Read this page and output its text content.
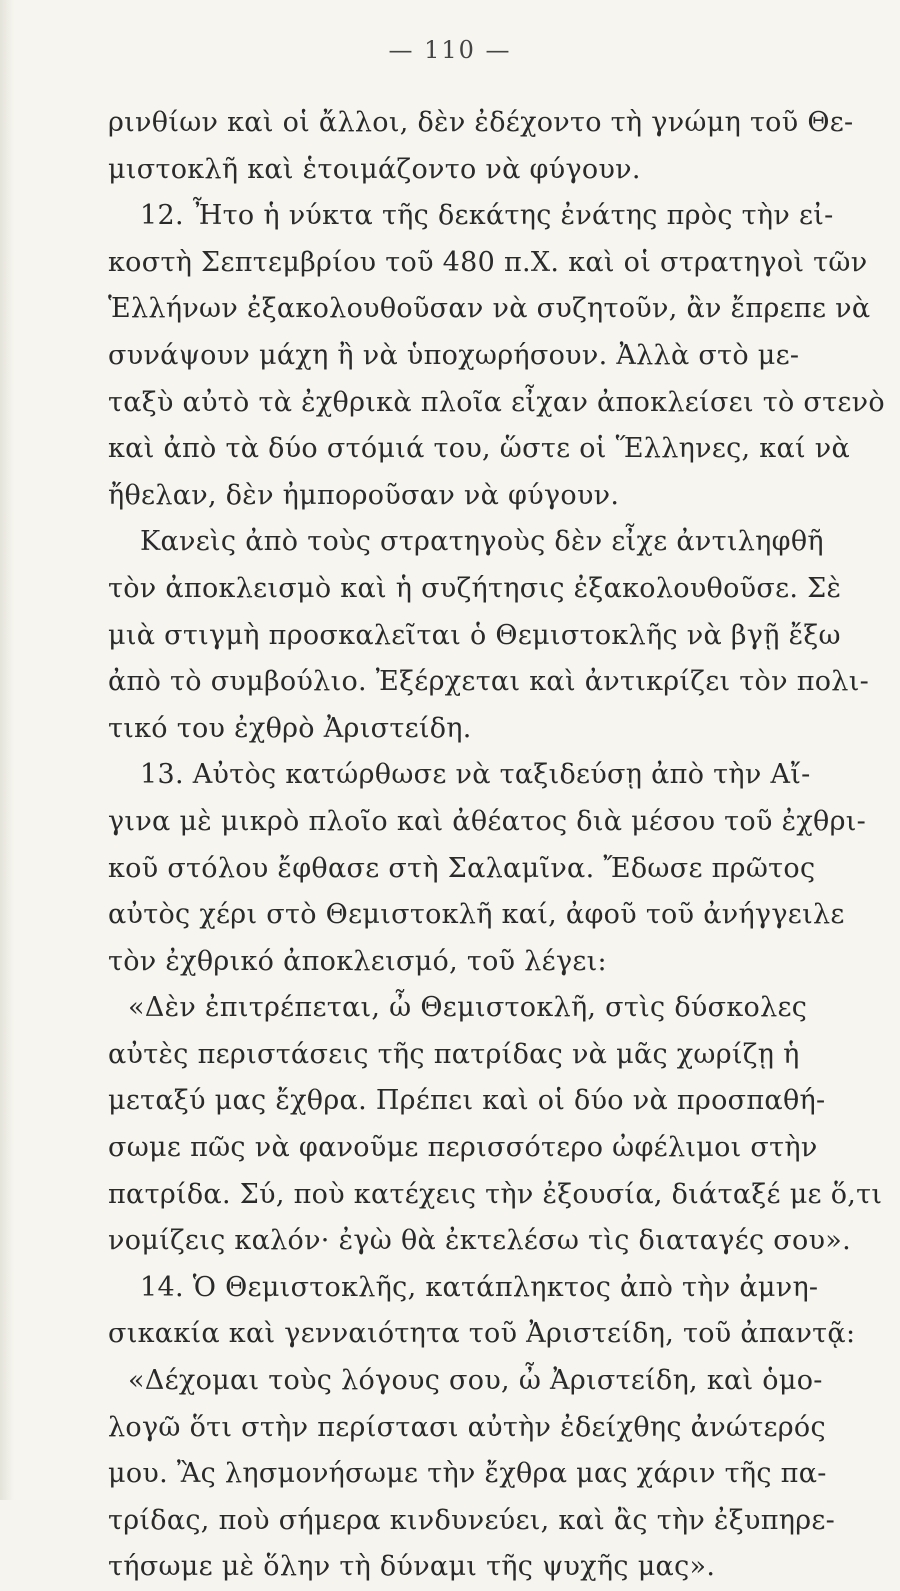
— 110 —
ρινθίων καὶ οἱ ἄλλοι, δὲν ἐδέχοντο τὴ γνώμη τοῦ Θε-
μιστοκλῆ καὶ ἑτοιμάζοντο νὰ φύγουν.
12. Ἦτο ἡ νύκτα τῆς δεκάτης ἐνάτης πρὸς τὴν εἰ-
κοστὴ Σεπτεμβρίου τοῦ 480 π.Χ. καὶ οἱ στρατηγοὶ τῶν
Ἑλλήνων ἐξακολουθοῦσαν νὰ συζητοῦν, ἂν ἔπρεπε νὰ
συνάψουν μάχη ἢ νὰ ὑποχωρήσουν. Ἀλλὰ στὸ με-
ταξὺ αὐτὸ τὰ ἐχθρικὰ πλοῖα εἶχαν ἀποκλείσει τὸ στενὸ
καὶ ἀπὸ τὰ δύο στόμιά του, ὥστε οἱ Ἕλληνες, καί νὰ
ἤθελαν, δὲν ἠμποροῦσαν νὰ φύγουν.
Κανεὶς ἀπὸ τοὺς στρατηγοὺς δὲν εἶχε ἀντιληφθῆ
τὸν ἀποκλεισμὸ καὶ ἡ συζήτησις ἐξακολουθοῦσε. Σὲ
μιὰ στιγμὴ προσκαλεῖται ὁ Θεμιστοκλῆς νὰ βγῇ ἔξω
ἀπὸ τὸ συμβούλιο. Ἐξέρχεται καὶ ἀντικρίζει τὸν πολι-
τικό του ἐχθρὸ Ἀριστείδη.
13. Αὐτὸς κατώρθωσε νὰ ταξιδεύσῃ ἀπὸ τὴν Αἴ-
γινα μὲ μικρὸ πλοῖο καὶ ἀθέατος διὰ μέσου τοῦ ἐχθρι-
κοῦ στόλου ἔφθασε στὴ Σαλαμῖνα. Ἔδωσε πρῶτος
αὐτὸς χέρι στὸ Θεμιστοκλῆ καί, ἀφοῦ τοῦ ἀνήγγειλε
τὸν ἐχθρικό ἀποκλεισμό, τοῦ λέγει:
«Δὲν ἐπιτρέπεται, ὦ Θεμιστοκλῆ, στὶς δύσκολες
αὐτὲς περιστάσεις τῆς πατρίδας νὰ μᾶς χωρίζῃ ἡ
μεταξύ μας ἔχθρα. Πρέπει καὶ οἱ δύο νὰ προσπαθή-
σωμε πῶς νὰ φανοῦμε περισσότερο ὠφέλιμοι στὴν
πατρίδα. Σύ, ποὺ κατέχεις τὴν ἐξουσία, διάταξέ με ὅ,τι
νομίζεις καλόν· ἐγὼ θὰ ἐκτελέσω τὶς διαταγές σου».
14. Ὁ Θεμιστοκλῆς, κατάπληκτος ἀπὸ τὴν ἀμνη-
σικακία καὶ γενναιότητα τοῦ Ἀριστείδη, τοῦ ἀπαντᾷ:
«Δέχομαι τοὺς λόγους σου, ὦ Ἀριστείδη, καὶ ὁμο-
λογῶ ὅτι στὴν περίστασι αὐτὴν ἐδείχθης ἀνώτερός
μου. Ἂς λησμονήσωμε τὴν ἔχθρα μας χάριν τῆς πα-
τρίδας, ποὺ σήμερα κινδυνεύει, καὶ ἂς τὴν ἐξυπηρε-
τήσωμε μὲ ὅλην τὴ δύναμι τῆς ψυχῆς μας».
